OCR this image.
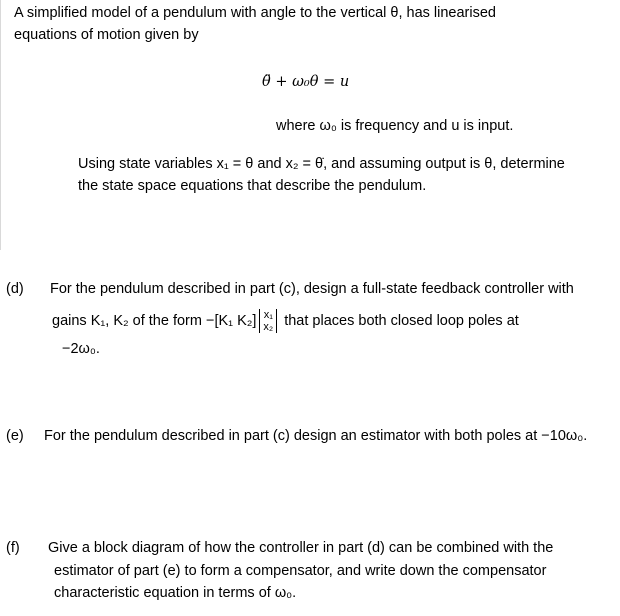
A simplified model of a pendulum with angle to the vertical θ, has linearised
equations of motion given by
θ̈ + ω₀θ = u
where ω₀ is frequency and u is input.
Using state variables x₁ = θ and x₂ = θ̇, and assuming output is θ, determine
the state space equations that describe the pendulum.
(d) For the pendulum described in part (c), design a full-state feedback controller with
gains K₁, K₂ of the form −[K₁ K₂] x₁
x₂ that places both closed loop poles at
−2ω₀.
(e) For the pendulum described in part (c) design an estimator with both poles at −10ω₀.
(f) Give a block diagram of how the controller in part (d) can be combined with the
estimator of part (e) to form a compensator, and write down the compensator
characteristic equation in terms of ω₀.
